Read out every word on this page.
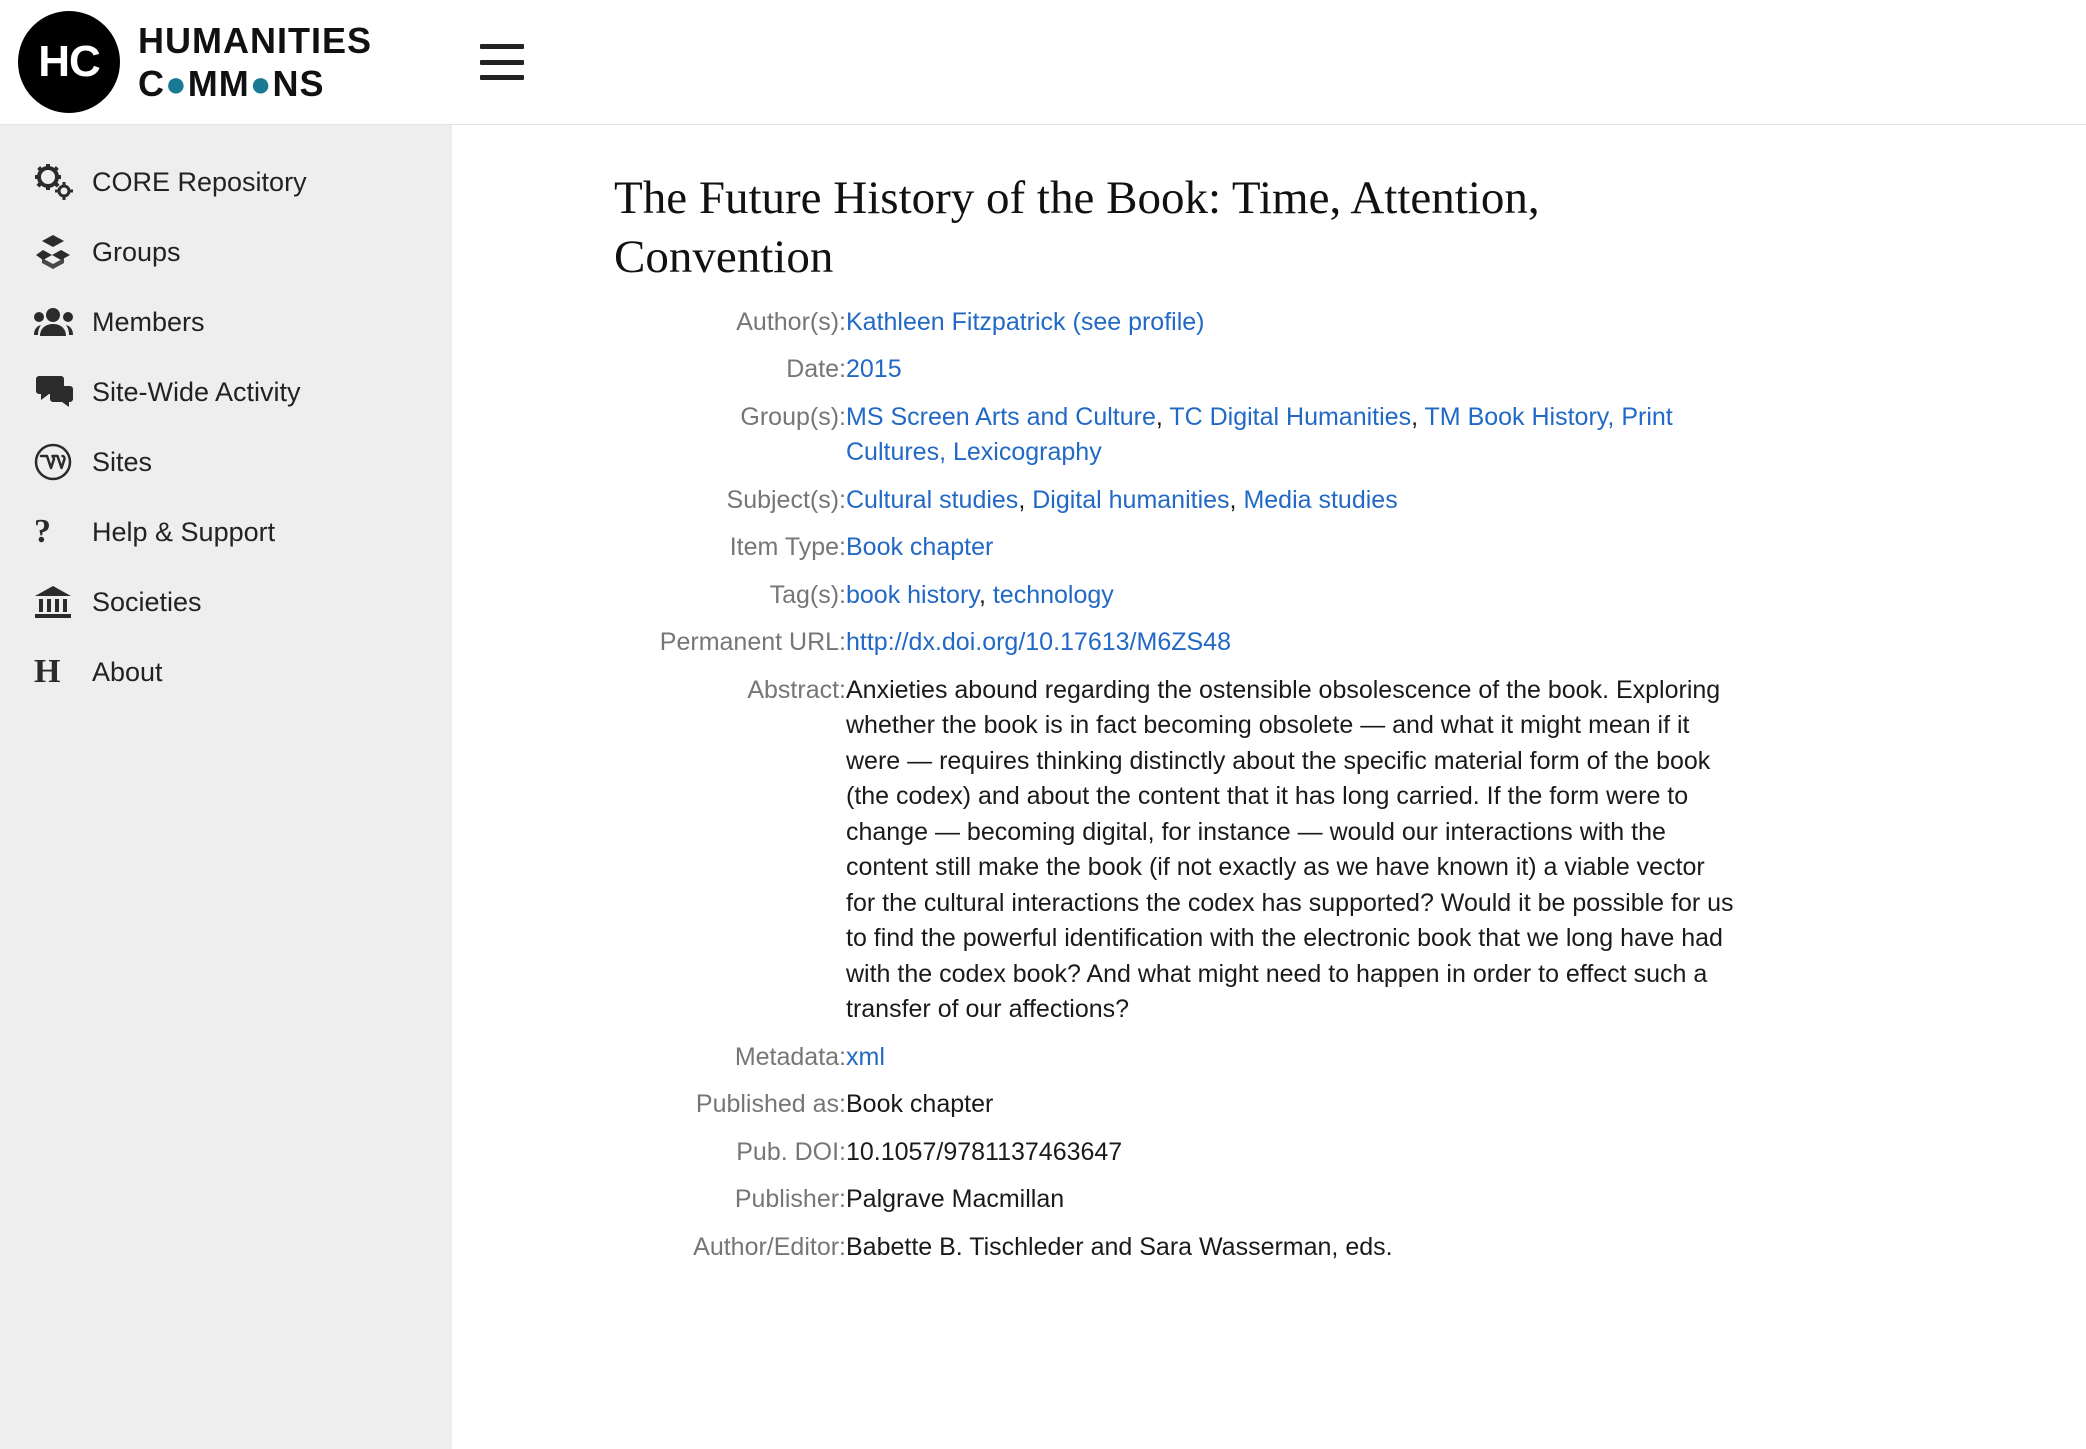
HC HUMANITIES
C●MM●NS
CORE Repository
Groups
Members
Site-Wide Activity
Sites
? Help & Support
Societies
H About
The Future History of the Book: Time, Attention, Convention
Author(s):	Kathleen Fitzpatrick (see profile)
Date:	2015
Group(s):	MS Screen Arts and Culture, TC Digital Humanities, TM Book History, Print Cultures, Lexicography
Subject(s):	Cultural studies, Digital humanities, Media studies
Item Type:	Book chapter
Tag(s):	book history, technology
Permanent URL:	http://dx.doi.org/10.17613/M6ZS48
Abstract:	Anxieties abound regarding the ostensible obsolescence of the book. Exploring whether the book is in fact becoming obsolete — and what it might mean if it were — requires thinking distinctly about the specific material form of the book (the codex) and about the content that it has long carried. If the form were to change — becoming digital, for instance — would our interactions with the content still make the book (if not exactly as we have known it) a viable vector for the cultural interactions the codex has supported? Would it be possible for us to find the powerful identification with the electronic book that we long have had with the codex book? And what might need to happen in order to effect such a transfer of our affections?
Metadata:	xml
Published as:	Book chapter
Pub. DOI:	10.1057/9781137463647
Publisher:	Palgrave Macmillan
Author/Editor:	Babette B. Tischleder and Sara Wasserman, eds.
